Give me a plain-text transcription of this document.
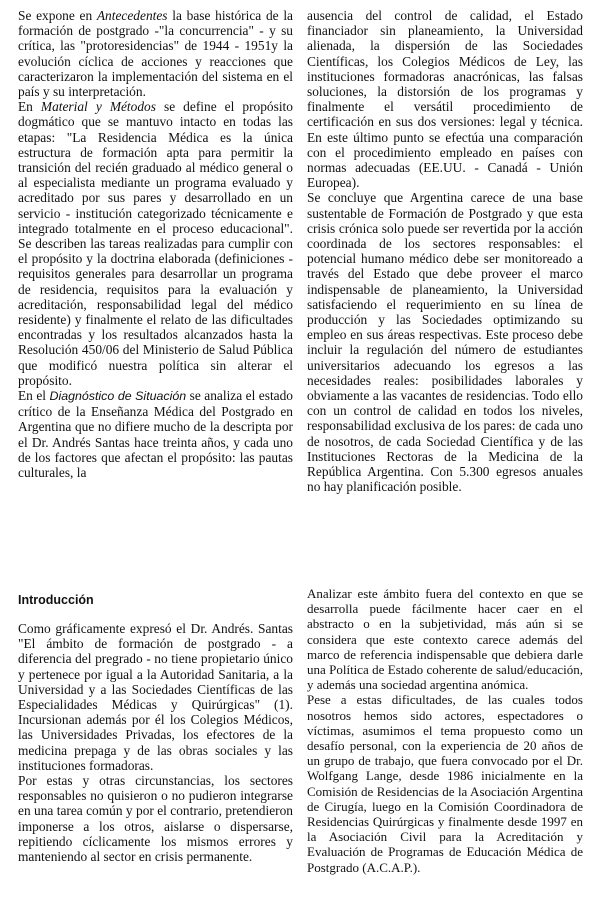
Se expone en Antecedentes la base histórica de la formación de postgrado -"la concurrencia" - y su crítica, las "protoresidencias" de 1944 - 1951y la evolución cíclica de acciones y reacciones que caracterizaron la implementación del sistema en el país y su interpretación.

En Material y Métodos se define el propósito dogmático que se mantuvo intacto en todas las etapas: "La Residencia Médica es la única estructura de formación apta para permitir la transición del recién graduado al médico general o al especialista mediante un programa evaluado y acreditado por sus pares y desarrollado en un servicio - institución categorizado técnicamente e integrado totalmente en el proceso educacional". Se describen las tareas realizadas para cumplir con el propósito y la doctrina elaborada (definiciones - requisitos generales para desarrollar un programa de residencia, requisitos para la evaluación y acreditación, responsabilidad legal del médico residente) y finalmente el relato de las dificultades encontradas y los resultados alcanzados hasta la Resolución 450/06 del Ministerio de Salud Pública que modificó nuestra política sin alterar el propósito.

En el Diagnóstico de Situación se analiza el estado crítico de la Enseñanza Médica del Postgrado en Argentina que no difiere mucho de la descripta por el Dr. Andrés Santas hace treinta años, y cada uno de los factores que afectan el propósito: las pautas culturales, la

ausencia del control de calidad, el Estado financiador sin planeamiento, la Universidad alienada, la dispersión de las Sociedades Científicas, los Colegios Médicos de Ley, las instituciones formadoras anacrónicas, las falsas soluciones, la distorsión de los programas y finalmente el versátil procedimiento de certificación en sus dos versiones: legal y técnica. En este último punto se efectúa una comparación con el procedimiento empleado en países con normas adecuadas (EE.UU. - Canadá - Unión Europea).

Se concluye que Argentina carece de una base sustentable de Formación de Postgrado y que esta crisis crónica solo puede ser revertida por la acción coordinada de los sectores responsables: el potencial humano médico debe ser monitoreado a través del Estado que debe proveer el marco indispensable de planeamiento, la Universidad satisfaciendo el requerimiento en su línea de producción y las Sociedades optimizando su empleo en sus áreas respectivas. Este proceso debe incluir la regulación del número de estudiantes universitarios adecuando los egresos a las necesidades reales: posibilidades laborales y obviamente a las vacantes de residencias. Todo ello con un control de calidad en todos los niveles, responsabilidad exclusiva de los pares: de cada uno de nosotros, de cada Sociedad Científica y de las Instituciones Rectoras de la Medicina de la República Argentina. Con 5.300 egresos anuales no hay planificación posible.

Introducción

Como gráficamente expresó el Dr. Andrés. Santas "El ámbito de formación de postgrado - a diferencia del pregrado - no tiene propietario único y pertenece por igual a la Autoridad Sanitaria, a la Universidad y a las Sociedades Científicas de las Especialidades Médicas y Quirúrgicas" (1). Incursionan además por él los Colegios Médicos, las Universidades Privadas, los efectores de la medicina prepaga y de las obras sociales y las instituciones formadoras.

Por estas y otras circunstancias, los sectores responsables no quisieron o no pudieron integrarse en una tarea común y por el contrario, pretendieron imponerse a los otros, aislarse o dispersarse, repitiendo cíclicamente los mismos errores y manteniendo al sector en crisis permanente.

Analizar este ámbito fuera del contexto en que se desarrolla puede fácilmente hacer caer en el abstracto o en la subjetividad, más aún si se considera que este contexto carece además del marco de referencia indispensable que debiera darle una Política de Estado coherente de salud/educación, y además una sociedad argentina anómica.

Pese a estas dificultades, de las cuales todos nosotros hemos sido actores, espectadores o víctimas, asumimos el tema propuesto como un desafío personal, con la experiencia de 20 años de un grupo de trabajo, que fuera convocado por el Dr. Wolfgang Lange, desde 1986 inicialmente en la Comisión de Residencias de la Asociación Argentina de Cirugía, luego en la Comisión Coordinadora de Residencias Quirúrgicas y finalmente desde 1997 en la Asociación Civil para la Acreditación y Evaluación de Programas de Educación Médica de Postgrado (A.C.A.P.).
